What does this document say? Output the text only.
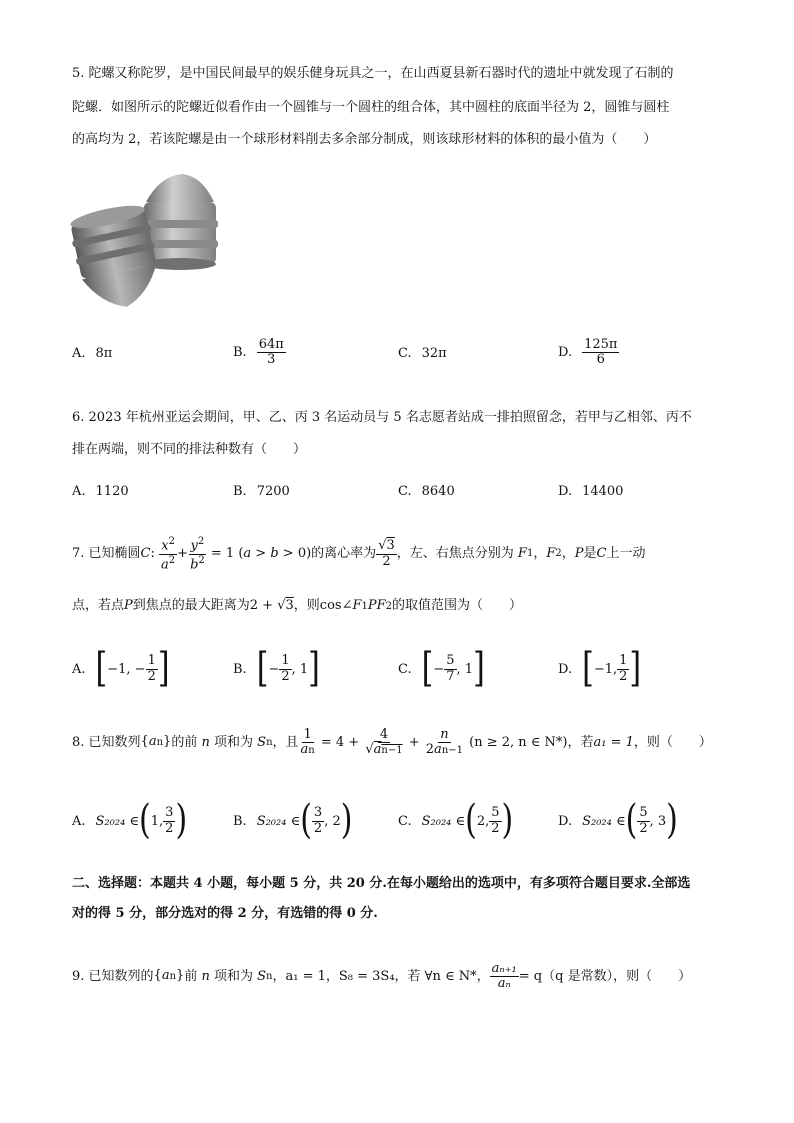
5. 陀螺又称陀罗，是中国民间最早的娱乐健身玩具之一，在山西夏县新石器时代的遗址中就发现了石制的
陀螺．如图所示的陀螺近似看作由一个圆锥与一个圆柱的组合体，其中圆柱的底面半径为 2，圆锥与圆柱
的高均为 2，若该陀螺是由一个球形材料削去多余部分制成，则该球形材料的体积的最小值为（　　）
A. 8π	B. $\frac{64\pi}{3}$	C. 32π	D. $\frac{125\pi}{6}$
6. 2023 年杭州亚运会期间，甲、乙、丙 3 名运动员与 5 名志愿者站成一排拍照留念，若甲与乙相邻、丙不
排在两端，则不同的排法种数有（　　）
A. 1120	B. 7200	C. 8640	D. 14400
7. 已知椭圆 C : $\frac{x^2}{a^2} + \frac{y^2}{b^2} = 1$ (a > b > 0) 的离心率为 $\frac{√3}{2}$ ，左、右焦点分别为 F 1 ， F 2 ， P 是 C 上一动
点，若点P到焦点的最大距离为2 + √3，则cos∠F1PF2的取值范围为（　　）
A. [ −1, − $\frac{1}{2}$ ]	B. [ − $\frac{1}{2}$ , 1 ]	C. [ − $\frac{5}{7}$ , 1 ]	D. [ −1, $\frac{1}{2}$ ]
8. 已知数列 {an} 的前
n
项和为 S n ，且 $\frac{1}{an} = 4 + \frac{4}{√an-1} + \frac{n}{2an-1}$
(n ≥ 2, n ∈ N*) ，若 a₁ = 1 ，则（　　）
A. S₂₀₂₄ ∈ ( 1, $\frac{3}{2}$ )	B. S₂₀₂₄ ∈ ( $\frac{3}{2}$ , 2 )	C. S₂₀₂₄ ∈ ( 2, $\frac{5}{2}$ )	D. S₂₀₂₄ ∈ ( $\frac{5}{2}$ , 3 )
二、选择题：本题共 4 小题，每小题 5 分，共 20 分.在每小题给出的选项中，有多项符合题目要求.全部选
对的得 5 分，部分选对的得 2 分，有选错的得 0 分.
9. 已知数列的 {an} 前 n 项和为 S n ，a₁ = 1，S₈ = 3S₄，若 ∀n ∈ N*， $\frac{\text{aₙ₊₁}}{\text{aₙ}} = q(q$ 是常数），则（　　）
